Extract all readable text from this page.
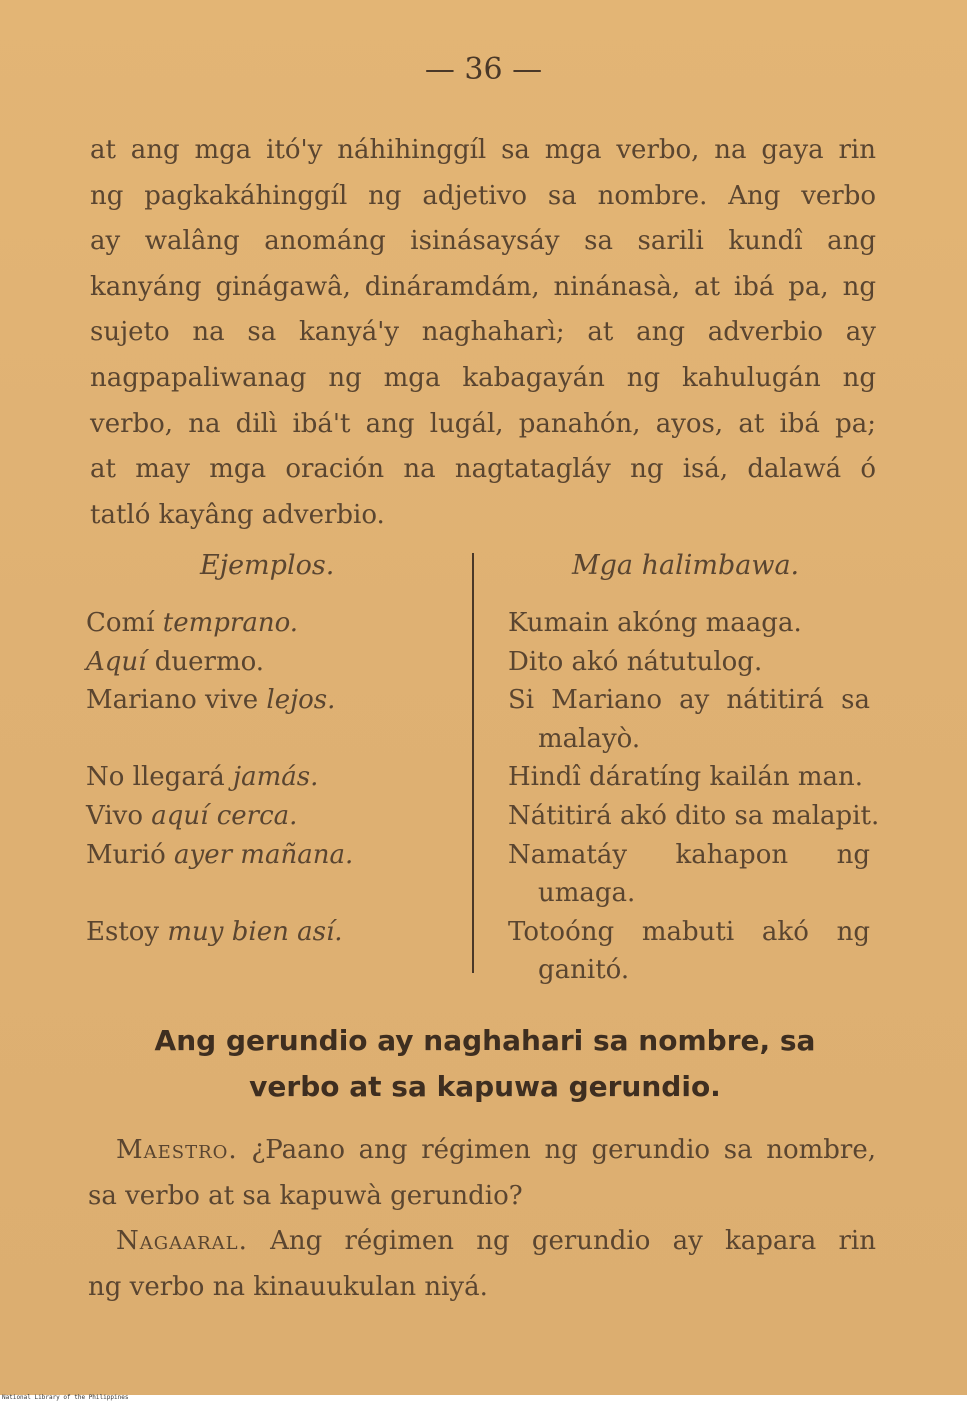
— 36 —
at ang mga itó'y náhihinggíl sa mga verbo, na gaya rin
ng pagkakáhinggíl ng adjetivo sa nombre. Ang verbo
ay walâng anománg isinásaysáy sa sarili kundî ang
kanyáng ginágawâ, dináramdám, ninánasà, at ibá pa, ng
sujeto na sa kanyá'y naghaharì; at ang adverbio ay
nagpapaliwanag ng mga kabagayán ng kahulugán ng
verbo, na dilì ibá't ang lugál, panahón, ayos, at ibá pa;
at may mga oración na nagtatagláy ng isá, dalawá ó
tatló kayâng adverbio.
Ejemplos.	Mga halimbawa.
Comí temprano.
Aquí duermo.
Mariano vive lejos.
No llegará jamás.
Vivo aquí cerca.
Murió ayer mañana.
Estoy muy bien así.
Kumain akóng maaga.
Dito akó nátutulog.
Si Mariano ay nátitirá sa
malayò.
Hindî dáratíng kailán man.
Nátitirá akó dito sa malapit.
Namatáy kahapon ng
umaga.
Totoóng mabuti akó ng
ganitó.
Ang gerundio ay naghahari sa nombre, sa
verbo at sa kapuwa gerundio.
Maestro. ¿Paano ang régimen ng gerundio sa nombre,
sa verbo at sa kapuwà gerundio?
Nagaaral. Ang régimen ng gerundio ay kapara rin
ng verbo na kinauukulan niyá.
National Library of the Philippines
